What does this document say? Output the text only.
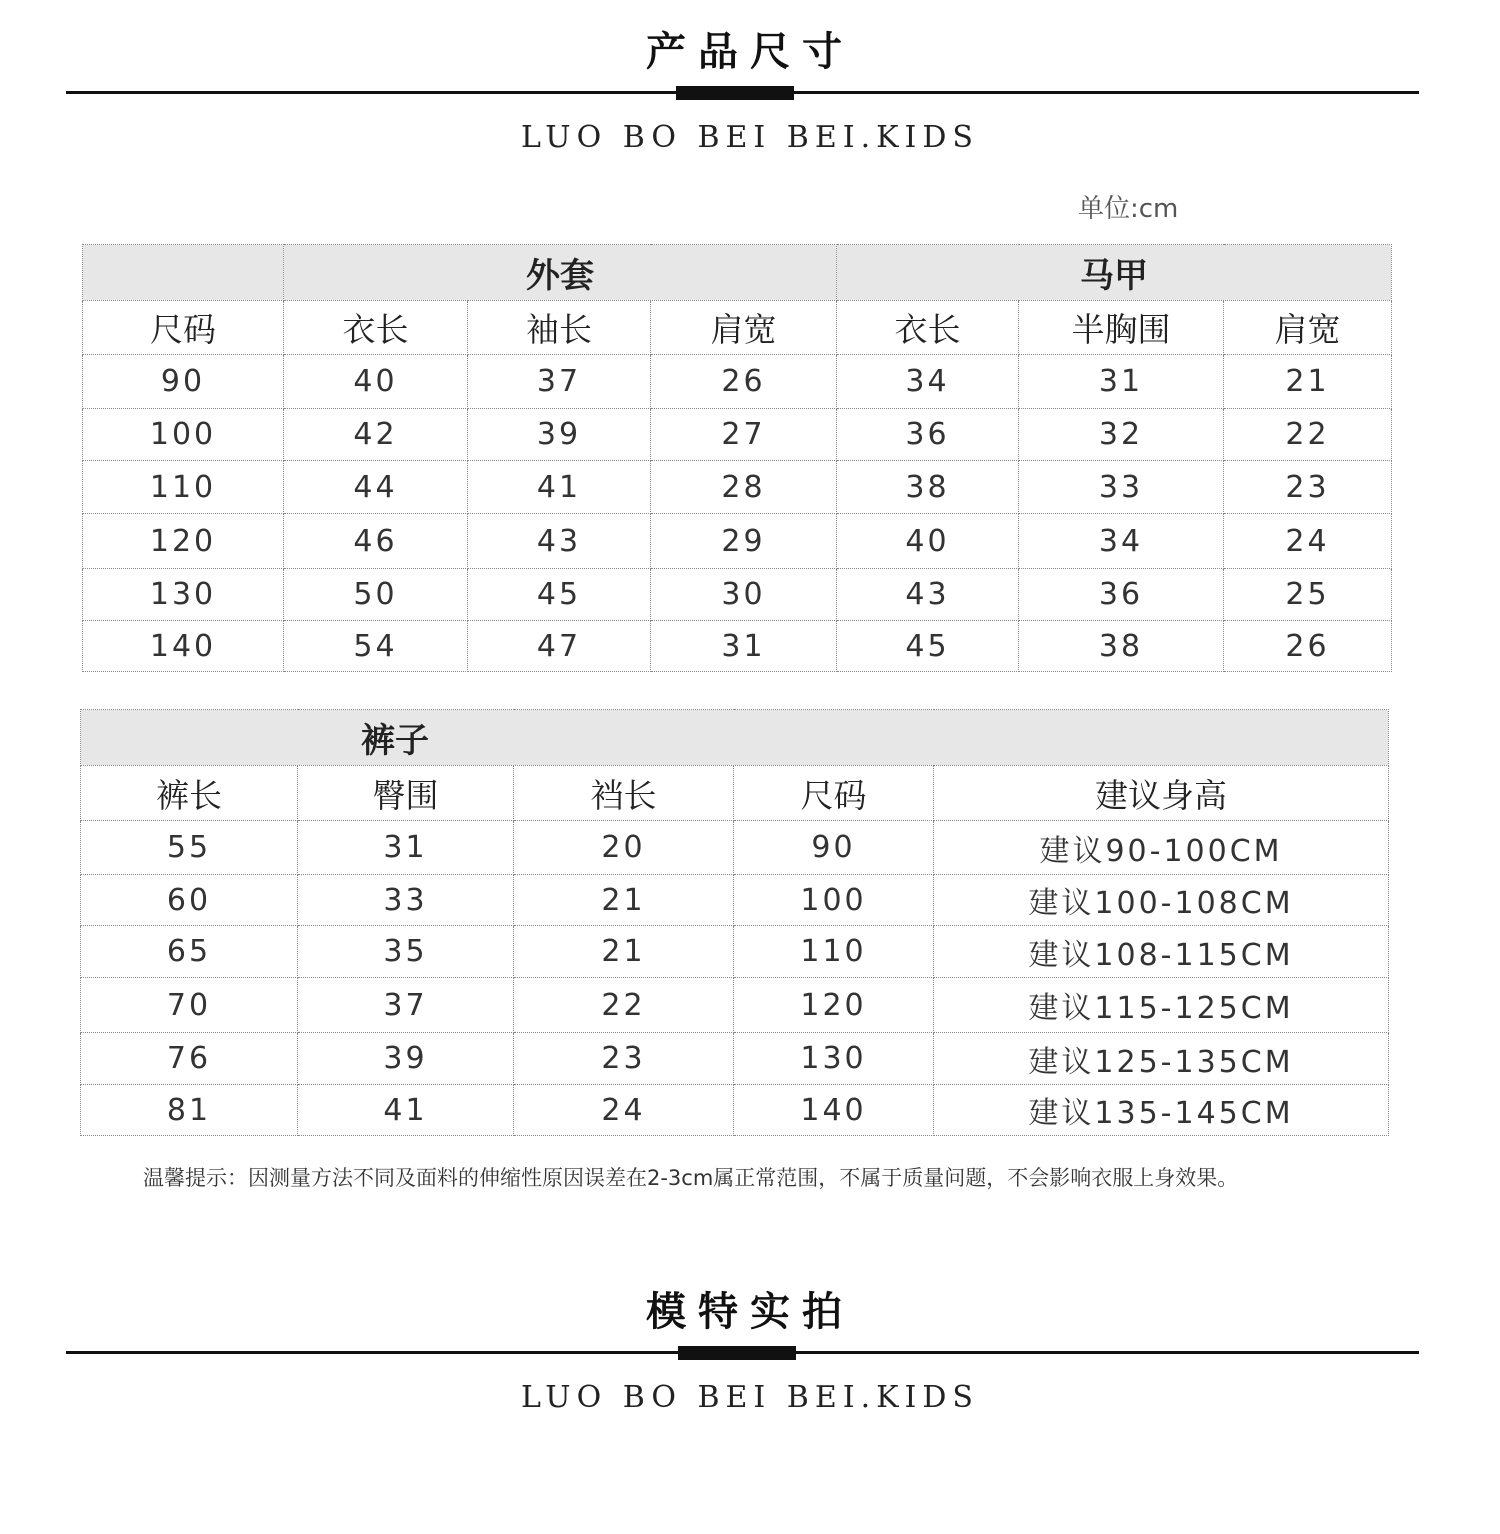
产品尺寸
LUO BO BEI BEI.KIDS
单位:cm
	外套			马甲		
尺码	衣长	袖长	肩宽	衣长	半胸围	肩宽
90	40	37	26	34	31	21
100	42	39	27	36	32	22
110	44	41	28	38	33	23
120	46	43	29	40	34	24
130	50	45	30	43	36	25
140	54	47	31	45	38	26
裤子				
裤长	臀围	裆长	尺码	建议身高
55	31	20	90	建议90-100CM
60	33	21	100	建议100-108CM
65	35	21	110	建议108-115CM
70	37	22	120	建议115-125CM
76	39	23	130	建议125-135CM
81	41	24	140	建议135-145CM
温馨提示：因测量方法不同及面料的伸缩性原因误差在2-3cm属正常范围，不属于质量问题，不会影响衣服上身效果。
模特实拍
LUO BO BEI BEI.KIDS
